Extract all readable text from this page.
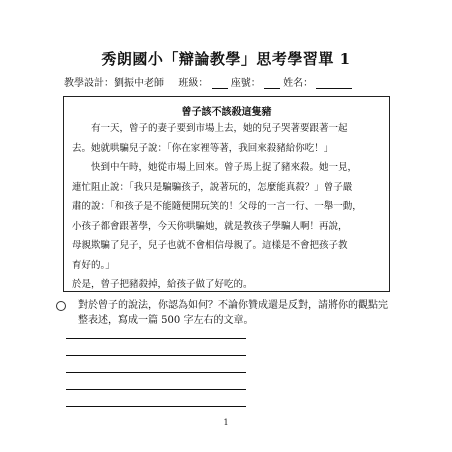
秀朗國小「辯論教學」思考學習單 1
教學設計：劉振中老師 班級： 座號： 姓名：
曾子該不該殺這隻豬

有一天，曾子的妻子要到市場上去，她的兒子哭著要跟著一起

去。她就哄騙兒子說：「你在家裡等著，我回來殺豬給你吃！」

快到中午時，她從市場上回來。曾子馬上捉了豬來殺。她一見，

連忙阻止說：「我只是騙騙孩子，說著玩的，怎麼能真殺？」曾子嚴

肅的說：「和孩子是不能隨便開玩笑的！父母的一言一行、一舉一動，

小孩子都會跟著學，今天你哄騙她，就是教孩子學騙人啊！再說，

母親欺騙了兒子，兒子也就不會相信母親了。這樣是不會把孩子教

育好的。」

於是，曾子把豬殺掉，給孩子做了好吃的。

對於曾子的說法，你認為如何？不論你贊成還是反對，請將你的觀點完整表述，寫成一篇 500 字左右的文章。
1
